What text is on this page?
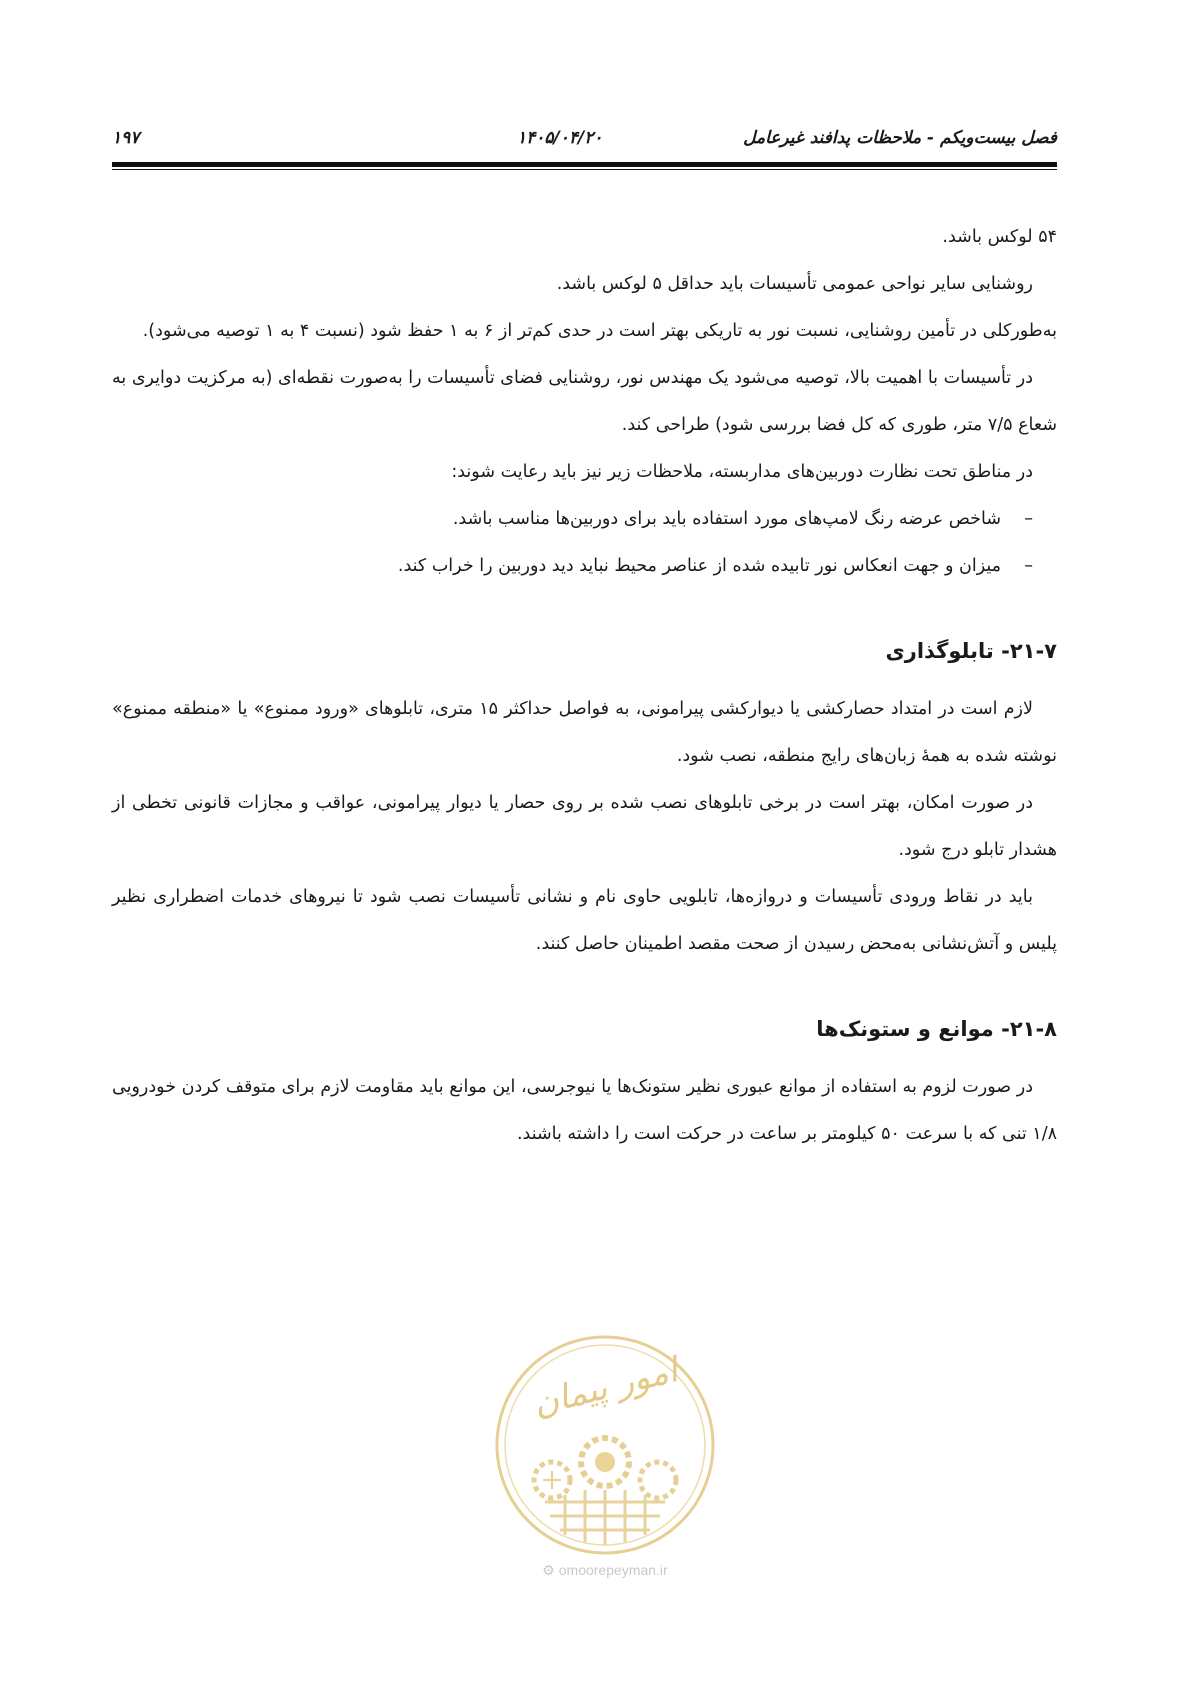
فصل بیست‌ویکم - ملاحظات پدافند غیرعامل
۱۴۰۵/۰۴/۲۰
۱۹۷

۵۴ لوکس باشد.

روشنایی سایر نواحی عمومی تأسیسات باید حداقل ۵ لوکس باشد.

به‌طورکلی در تأمین روشنایی، نسبت نور به تاریکی بهتر است در حدی کم‌تر از ۶ به ۱ حفظ شود (نسبت ۴ به ۱ توصیه می‌شود).

در تأسیسات با اهمیت بالا، توصیه می‌شود یک مهندس نور، روشنایی فضای تأسیسات را به‌صورت نقطه‌ای (به مرکزیت دوایری به شعاع ۷/۵ متر، طوری که کل فضا بررسی شود) طراحی کند.

در مناطق تحت نظارت دوربین‌های مداربسته، ملاحظات زیر نیز باید رعایت شوند:

–شاخص عرضه رنگ لامپ‌های مورد استفاده باید برای دوربین‌ها مناسب باشد.

–میزان و جهت انعکاس نور تابیده شده از عناصر محیط نباید دید دوربین را خراب کند.

۲۱-۷- تابلوگذاری

لازم است در امتداد حصارکشی یا دیوارکشی پیرامونی، به فواصل حداکثر ۱۵ متری، تابلوهای «ورود ممنوع» یا «منطقه ممنوع» نوشته شده به همهٔ زبان‌های رایج منطقه، نصب شود.

در صورت امکان، بهتر است در برخی تابلوهای نصب شده بر روی حصار یا دیوار پیرامونی، عواقب و مجازات قانونی تخطی از هشدار تابلو درج شود.

باید در نقاط ورودی تأسیسات و دروازه‌ها، تابلویی حاوی نام و نشانی تأسیسات نصب شود تا نیروهای خدمات اضطراری نظیر پلیس و آتش‌نشانی به‌محض رسیدن از صحت مقصد اطمینان حاصل کنند.

۲۱-۸- موانع و ستونک‌ها

در صورت لزوم به استفاده از موانع عبوری نظیر ستونک‌ها یا نیوجرسی، این موانع باید مقاومت لازم برای متوقف کردن خودرویی ۱/۸ تنی که با سرعت ۵۰ کیلومتر بر ساعت در حرکت است را داشته باشند.

امور پیمان
⚙ omoorepeyman.ir
